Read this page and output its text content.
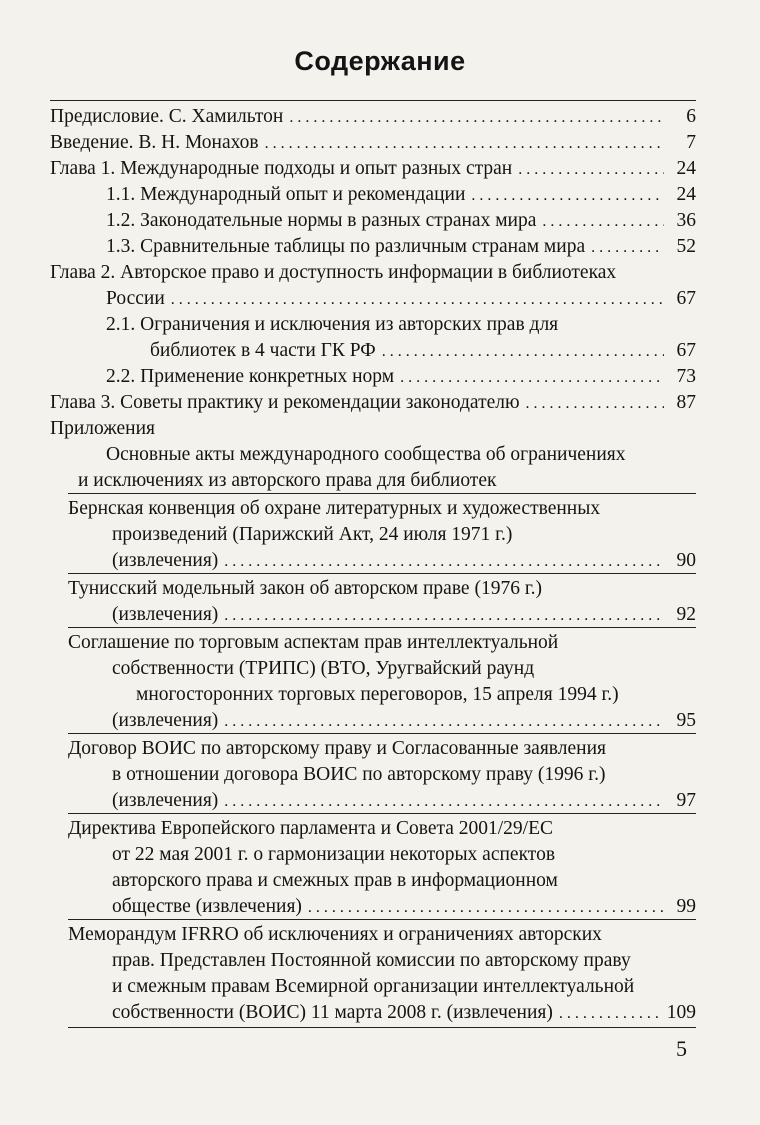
Содержание
Предисловие. С. Хамильтон . . .	6
Введение. В. Н. Монахов . . .	7
Глава 1. Международные подходы и опыт разных стран . . .	24
1.1. Международный опыт и рекомендации . . .	24
1.2. Законодательные нормы в разных странах мира . . .	36
1.3. Сравнительные таблицы по различным странам мира . . .	52
Глава 2. Авторское право и доступность информации в библиотеках
России . . .	67
2.1. Ограничения и исключения из авторских прав для
библиотек в 4 части ГК РФ . . .	67
2.2. Применение конкретных норм . . .	73
Глава 3. Советы практику и рекомендации законодателю . . .	87
Приложения
Основные акты международного сообщества об ограничениях
и исключениях из авторского права для библиотек
Бернская конвенция об охране литературных и художественных
произведений (Парижский Акт, 24 июля 1971 г.)
(извлечения) . . .	90
Тунисский модельный закон об авторском праве (1976 г.)
(извлечения) . . .	92
Соглашение по торговым аспектам прав интеллектуальной
собственности (ТРИПС) (ВТО, Уругвайский раунд
многосторонних торговых переговоров, 15 апреля 1994 г.)
(извлечения) . . .	95
Договор ВОИС по авторскому праву и Согласованные заявления
в отношении договора ВОИС по авторскому праву (1996 г.)
(извлечения) . . .	97
Директива Европейского парламента и Совета 2001/29/ЕС
от 22 мая 2001 г. о гармонизации некоторых аспектов
авторского права и смежных прав в информационном
обществе (извлечения) . . .	99
Меморандум IFRRO об исключениях и ограничениях авторских
прав. Представлен Постоянной комиссии по авторскому праву
и смежным правам Всемирной организации интеллектуальной
собственности (ВОИС) 11 марта 2008 г. (извлечения) . . .	109
5
